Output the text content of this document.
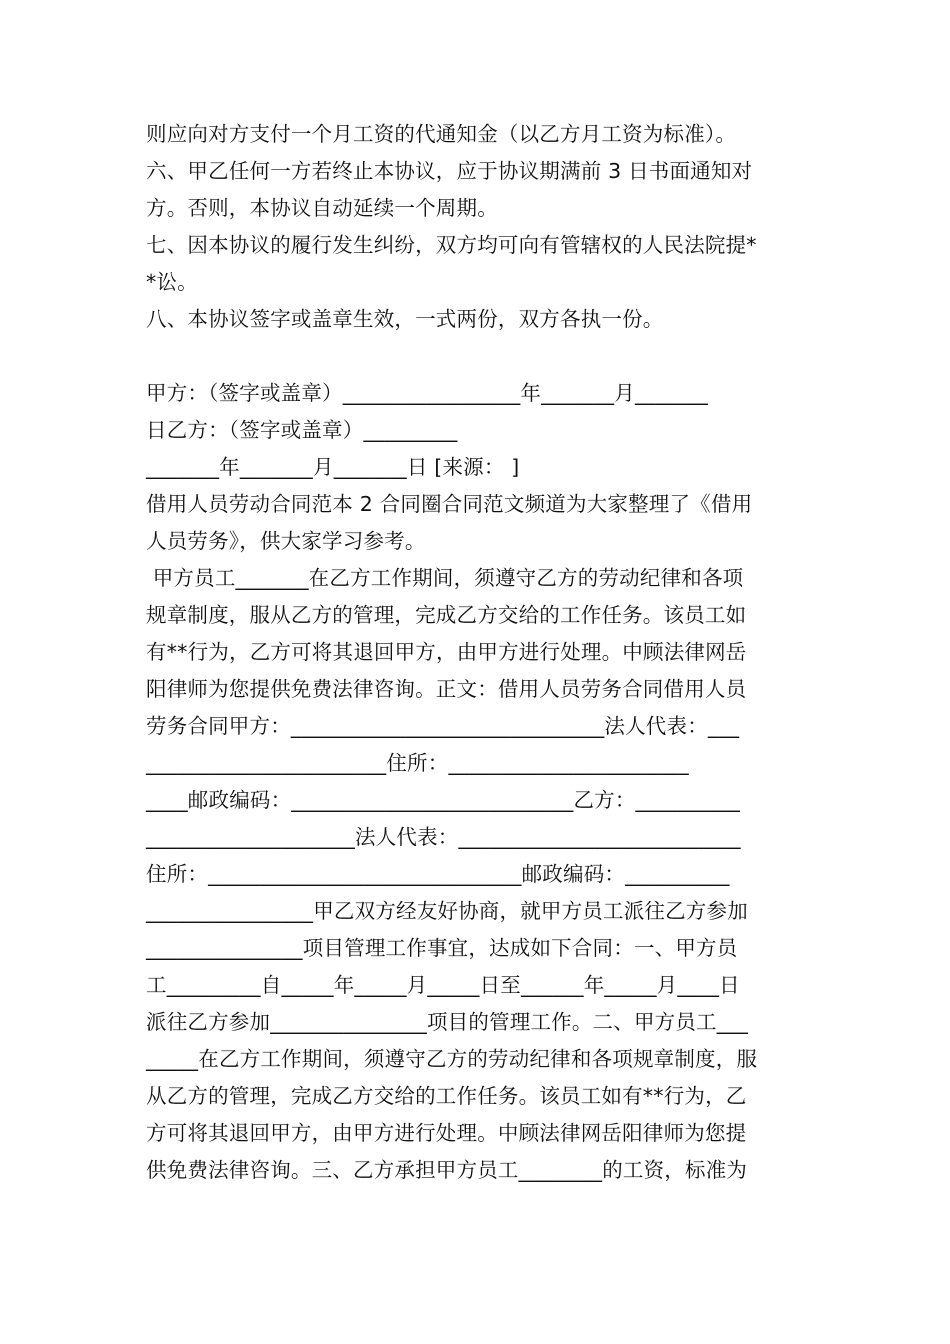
则应向对方支付一个月工资的代通知金（以乙方月工资为标准）。
六、甲乙任何一方若终止本协议，应于协议期满前 3 日书面通知对
方。否则，本协议自动延续一个周期。
七、因本协议的履行发生纠纷，双方均可向有管辖权的人民法院提*
*讼。
八、本协议签字或盖章生效，一式两份，双方各执一份。
甲方：（签字或盖章）_________________年_______月_______
日乙方：（签字或盖章）_________
_______年_______月_______日 [来源： ]
借用人员劳动合同范本 2 合同圈合同范文频道为大家整理了《借用
人员劳务》，供大家学习参考。
甲方员工_______在乙方工作期间，须遵守乙方的劳动纪律和各项
规章制度，服从乙方的管理，完成乙方交给的工作任务。该员工如
有**行为，乙方可将其退回甲方，由甲方进行处理。中顾法律网岳
阳律师为您提供免费法律咨询。正文：借用人员劳务合同借用人员
劳务合同甲方：______________________________法人代表：___
_______________________住所：_______________________
____邮政编码：___________________________乙方：__________
____________________法人代表：___________________________
住所：______________________________邮政编码：__________
________________甲乙双方经友好协商，就甲方员工派往乙方参加
_______________项目管理工作事宜，达成如下合同：一、甲方员
工_________自_____年_____月_____日至______年_____月____日
派往乙方参加_______________项目的管理工作。二、甲方员工___
_____在乙方工作期间，须遵守乙方的劳动纪律和各项规章制度，服
从乙方的管理，完成乙方交给的工作任务。该员工如有**行为，乙
方可将其退回甲方，由甲方进行处理。中顾法律网岳阳律师为您提
供免费法律咨询。三、乙方承担甲方员工________的工资，标准为
